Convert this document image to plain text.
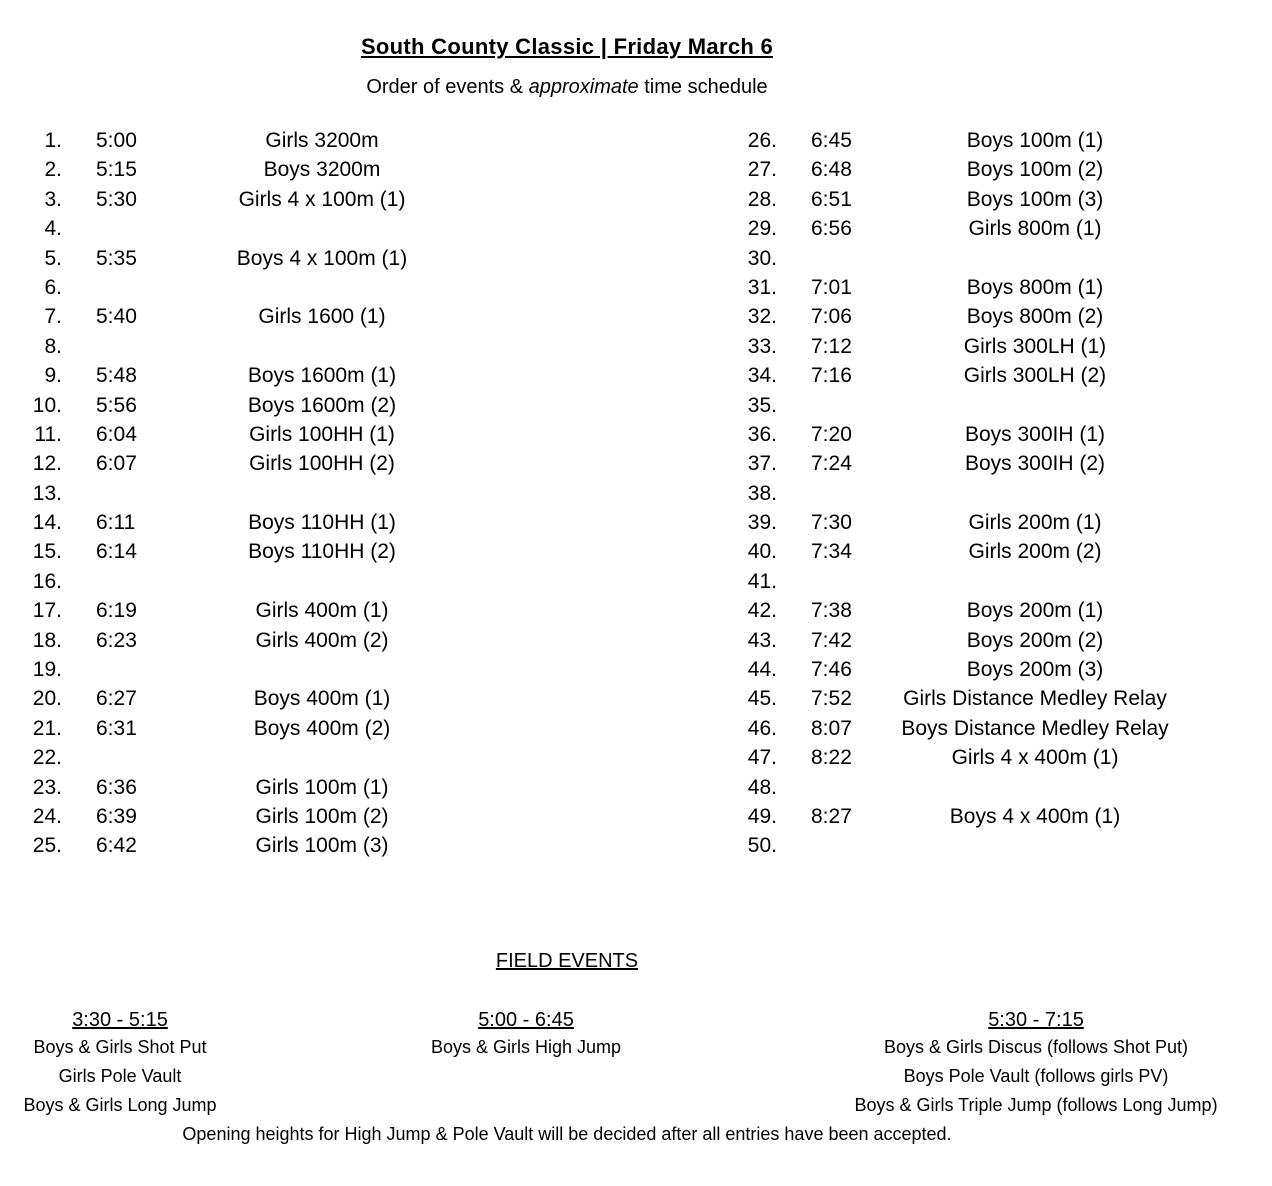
South County Classic | Friday March 6
Order of events & approximate time schedule
1. 5:00	Girls 3200m
2. 5:15	Boys 3200m
3. 5:30	Girls 4 x 100m (1)
4.
5. 5:35	Boys 4 x 100m (1)
6.
7. 5:40	Girls 1600 (1)
8.
9. 5:48	Boys 1600m (1)
10. 5:56	Boys 1600m (2)
11. 6:04	Girls 100HH (1)
12. 6:07	Girls 100HH (2)
13.
14. 6:11	Boys 110HH (1)
15. 6:14	Boys 110HH (2)
16.
17. 6:19	Girls 400m (1)
18. 6:23	Girls 400m (2)
19.
20. 6:27	Boys 400m (1)
21. 6:31	Boys 400m (2)
22.
23. 6:36	Girls 100m (1)
24. 6:39	Girls 100m (2)
25. 6:42	Girls 100m (3)
26. 6:45	Boys 100m (1)
27. 6:48	Boys 100m (2)
28. 6:51	Boys 100m (3)
29. 6:56	Girls 800m (1)
30.
31. 7:01	Boys 800m (1)
32. 7:06	Boys 800m (2)
33. 7:12	Girls 300LH (1)
34. 7:16	Girls 300LH (2)
35.
36. 7:20	Boys 300IH (1)
37. 7:24	Boys 300IH (2)
38.
39. 7:30	Girls 200m (1)
40. 7:34	Girls 200m (2)
41.
42. 7:38	Boys 200m (1)
43. 7:42	Boys 200m (2)
44. 7:46	Boys 200m (3)
45. 7:52	Girls Distance Medley Relay
46. 8:07	Boys Distance Medley Relay
47. 8:22	Girls 4 x 400m (1)
48.
49. 8:27	Boys 4 x 400m (1)
50.
FIELD EVENTS
3:30 - 5:15
Boys & Girls Shot Put
Girls Pole Vault
Boys & Girls Long Jump
5:00 - 6:45
Boys & Girls High Jump
5:30 - 7:15
Boys & Girls Discus (follows Shot Put)
Boys Pole Vault (follows girls PV)
Boys & Girls Triple Jump (follows Long Jump)
Opening heights for High Jump & Pole Vault will be decided after all entries have been accepted.
